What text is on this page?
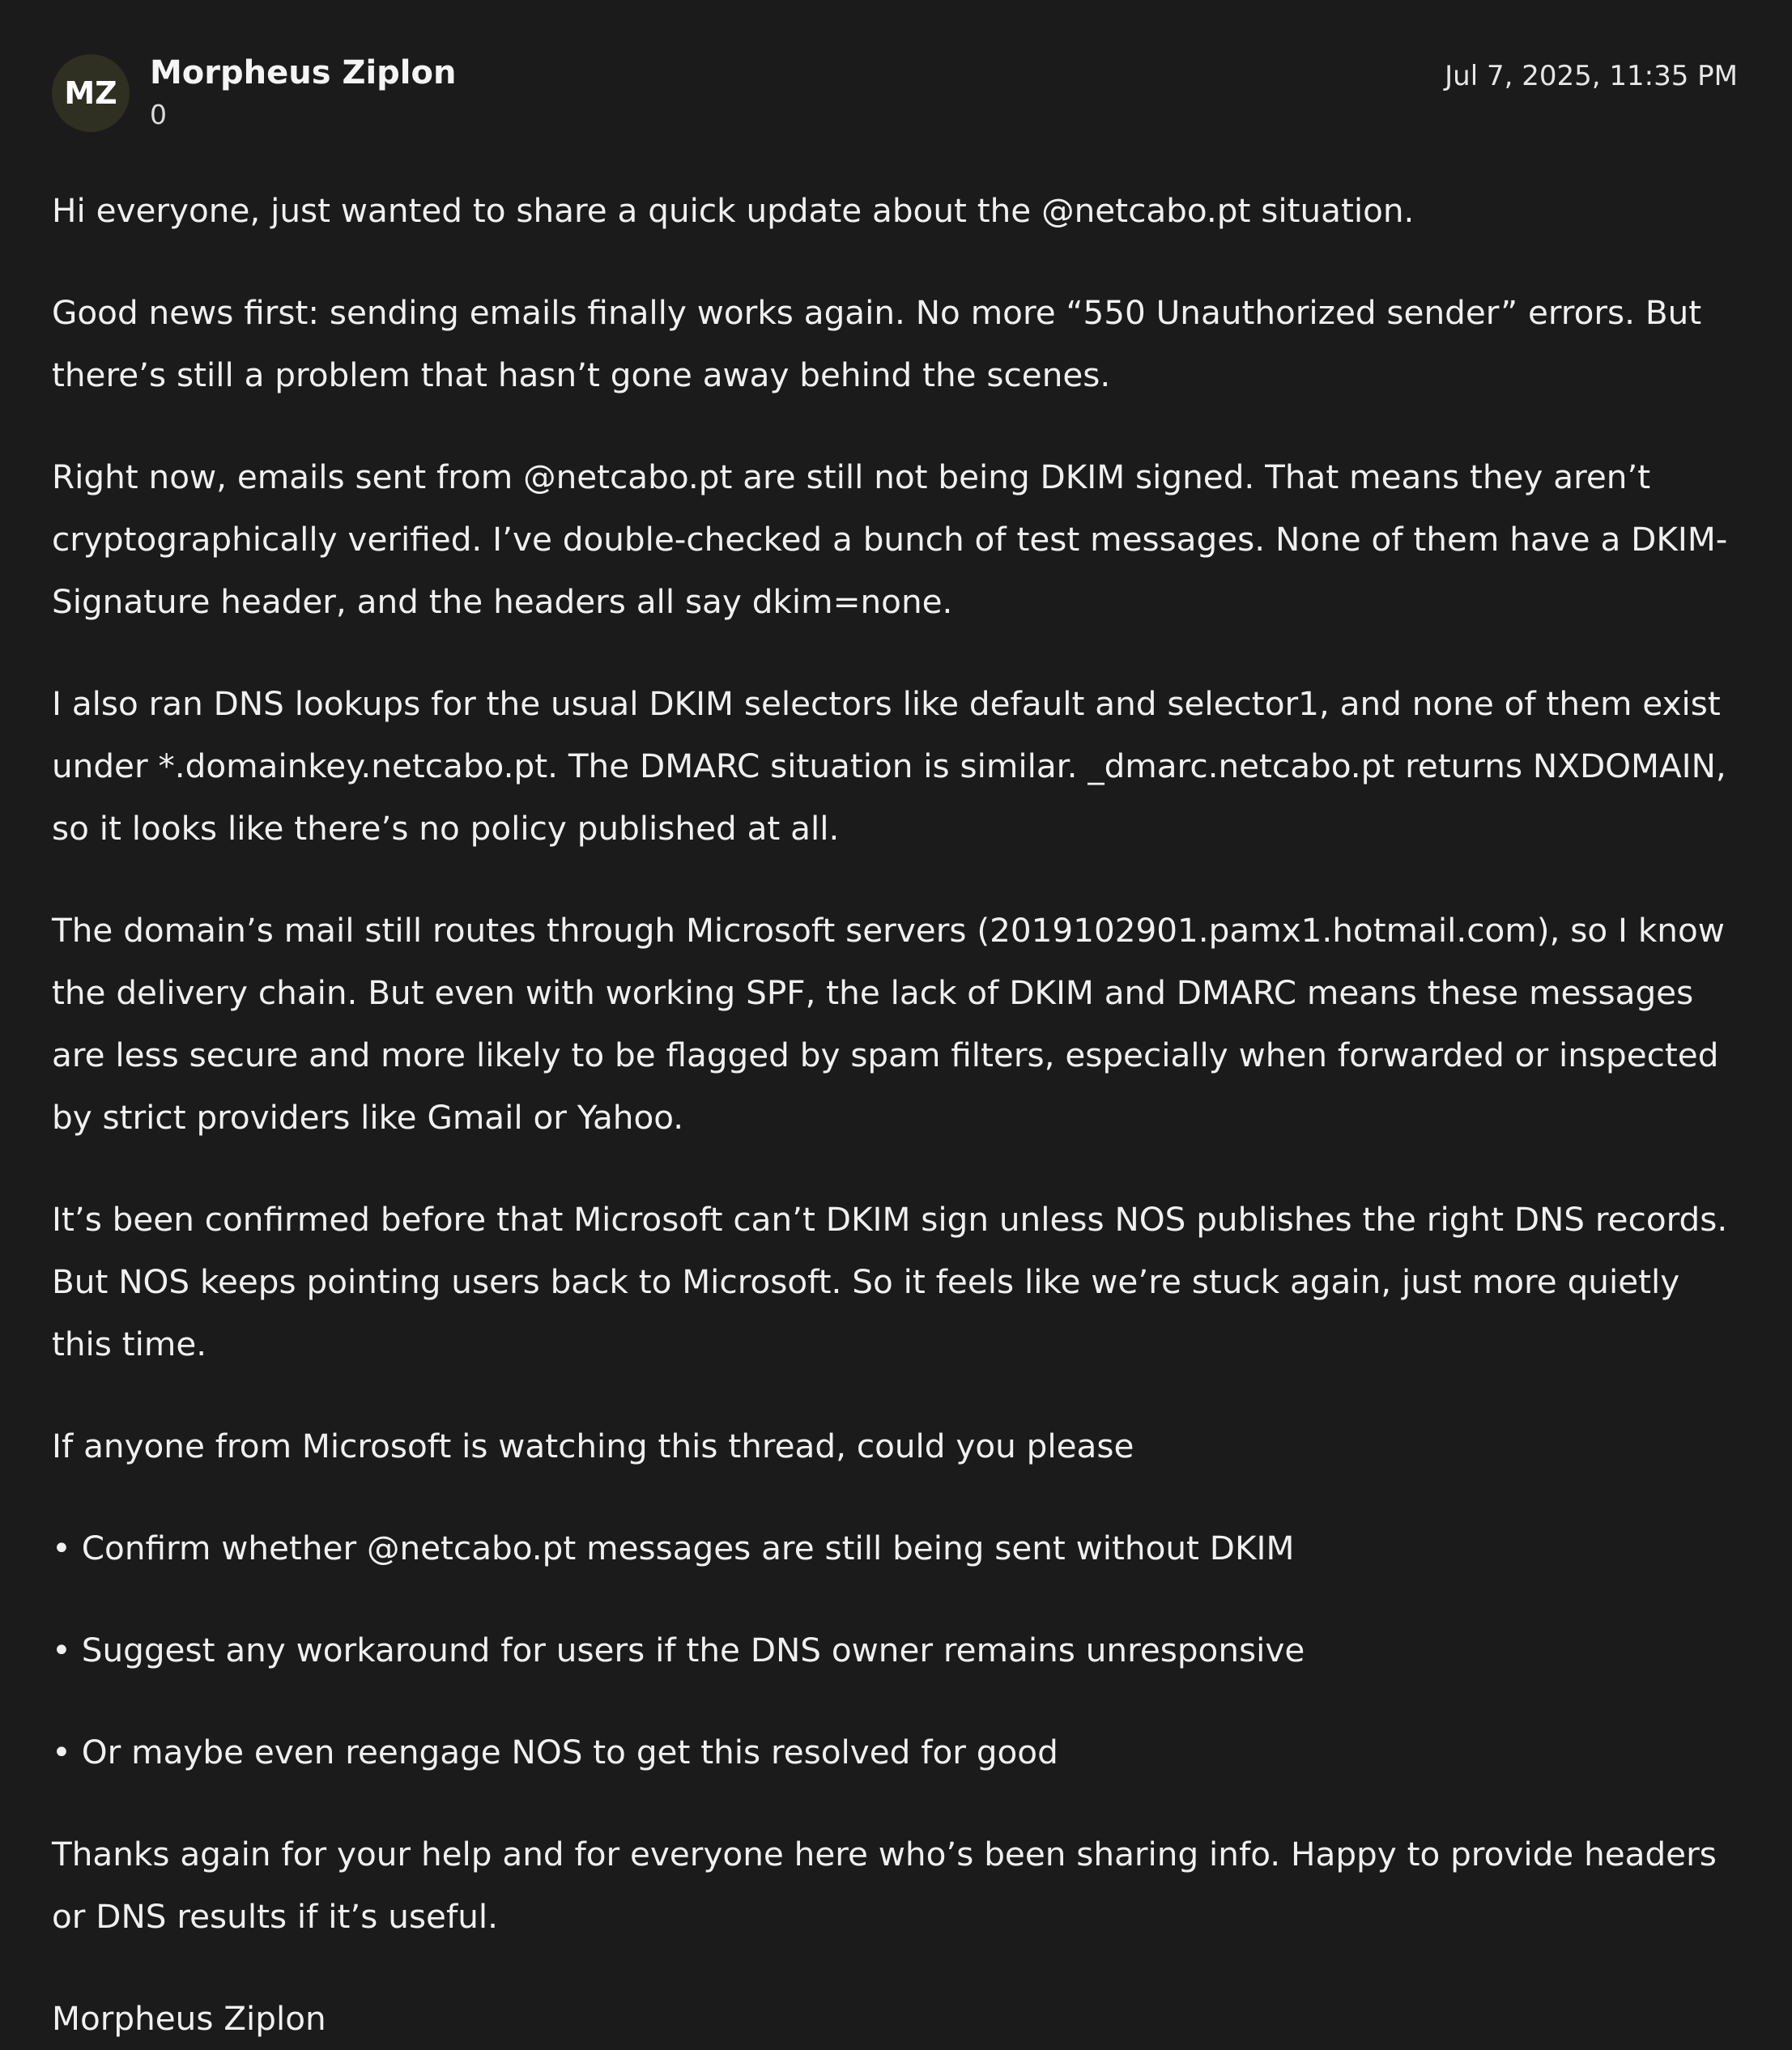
MZ
Morpheus Ziplon
0
Jul 7, 2025, 11:35 PM

Hi everyone, just wanted to share a quick update about the @netcabo.pt situation.

Good news first: sending emails finally works again. No more “550 Unauthorized sender” errors. But there’s still a problem that hasn’t gone away behind the scenes.

Right now, emails sent from @netcabo.pt are still not being DKIM signed. That means they aren’t cryptographically verified. I’ve double-checked a bunch of test messages. None of them have a DKIM-Signature header, and the headers all say dkim=none.

I also ran DNS lookups for the usual DKIM selectors like default and selector1, and none of them exist under *.domainkey.netcabo.pt. The DMARC situation is similar. _dmarc.netcabo.pt returns NXDOMAIN, so it looks like there’s no policy published at all.

The domain’s mail still routes through Microsoft servers (2019102901.pamx1.hotmail.com), so I know the delivery chain. But even with working SPF, the lack of DKIM and DMARC means these messages are less secure and more likely to be flagged by spam filters, especially when forwarded or inspected by strict providers like Gmail or Yahoo.

It’s been confirmed before that Microsoft can’t DKIM sign unless NOS publishes the right DNS records. But NOS keeps pointing users back to Microsoft. So it feels like we’re stuck again, just more quietly this time.

If anyone from Microsoft is watching this thread, could you please

• Confirm whether @netcabo.pt messages are still being sent without DKIM

• Suggest any workaround for users if the DNS owner remains unresponsive

• Or maybe even reengage NOS to get this resolved for good

Thanks again for your help and for everyone here who’s been sharing info. Happy to provide headers or DNS results if it’s useful.

Morpheus Ziplon
